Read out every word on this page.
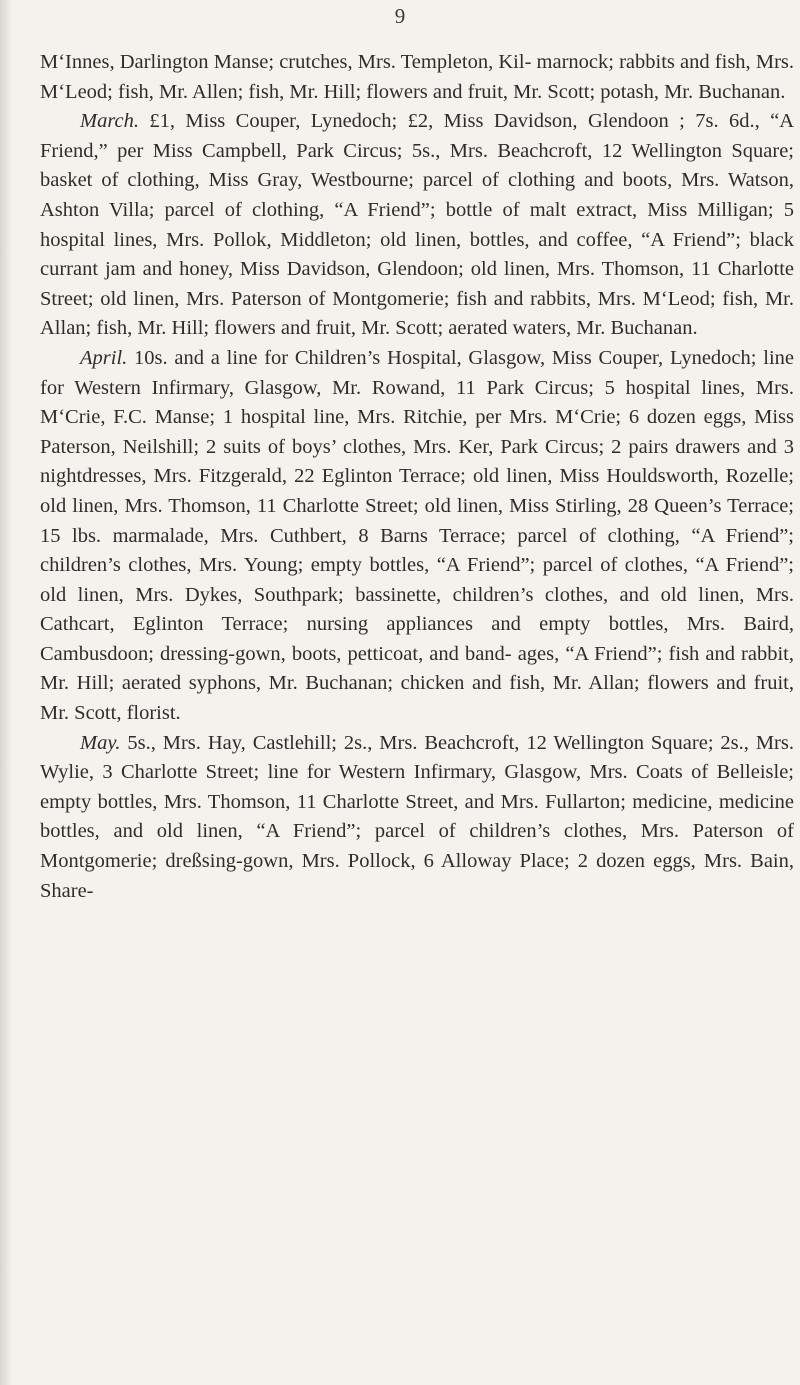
9

M‘Innes, Darlington Manse; crutches, Mrs. Templeton, Kil- marnock; rabbits and fish, Mrs. M‘Leod; fish, Mr. Allen; fish, Mr. Hill; flowers and fruit, Mr. Scott; potash, Mr. Buchanan.

March. £1, Miss Couper, Lynedoch; £2, Miss Davidson, Glendoon ; 7s. 6d., “A Friend,” per Miss Campbell, Park Circus; 5s., Mrs. Beachcroft, 12 Wellington Square; basket of clothing, Miss Gray, Westbourne; parcel of clothing and boots, Mrs. Watson, Ashton Villa; parcel of clothing, “A Friend”; bottle of malt extract, Miss Milligan; 5 hospital lines, Mrs. Pollok, Middleton; old linen, bottles, and coffee, “A Friend”; black currant jam and honey, Miss Davidson, Glendoon; old linen, Mrs. Thomson, 11 Charlotte Street; old linen, Mrs. Paterson of Montgomerie; fish and rabbits, Mrs. M‘Leod; fish, Mr. Allan; fish, Mr. Hill; flowers and fruit, Mr. Scott; aerated waters, Mr. Buchanan.

April. 10s. and a line for Children’s Hospital, Glasgow, Miss Couper, Lynedoch; line for Western Infirmary, Glasgow, Mr. Rowand, 11 Park Circus; 5 hospital lines, Mrs. M‘Crie, F.C. Manse; 1 hospital line, Mrs. Ritchie, per Mrs. M‘Crie; 6 dozen eggs, Miss Paterson, Neilshill; 2 suits of boys’ clothes, Mrs. Ker, Park Circus; 2 pairs drawers and 3 nightdresses, Mrs. Fitzgerald, 22 Eglinton Terrace; old linen, Miss Houldsworth, Rozelle; old linen, Mrs. Thomson, 11 Charlotte Street; old linen, Miss Stirling, 28 Queen’s Terrace; 15 lbs. marmalade, Mrs. Cuthbert, 8 Barns Terrace; parcel of clothing, “A Friend”; children’s clothes, Mrs. Young; empty bottles, “A Friend”; parcel of clothes, “A Friend”; old linen, Mrs. Dykes, Southpark; bassinette, children’s clothes, and old linen, Mrs. Cathcart, Eglinton Terrace; nursing appliances and empty bottles, Mrs. Baird, Cambusdoon; dressing-gown, boots, petticoat, and band- ages, “A Friend”; fish and rabbit, Mr. Hill; aerated syphons, Mr. Buchanan; chicken and fish, Mr. Allan; flowers and fruit, Mr. Scott, florist.

May. 5s., Mrs. Hay, Castlehill; 2s., Mrs. Beachcroft, 12 Wellington Square; 2s., Mrs. Wylie, 3 Charlotte Street; line for Western Infirmary, Glasgow, Mrs. Coats of Belleisle; empty bottles, Mrs. Thomson, 11 Charlotte Street, and Mrs. Fullarton; medicine, medicine bottles, and old linen, “A Friend”; parcel of children’s clothes, Mrs. Paterson of Montgomerie; dreßsing-gown, Mrs. Pollock, 6 Alloway Place; 2 dozen eggs, Mrs. Bain, Share-
